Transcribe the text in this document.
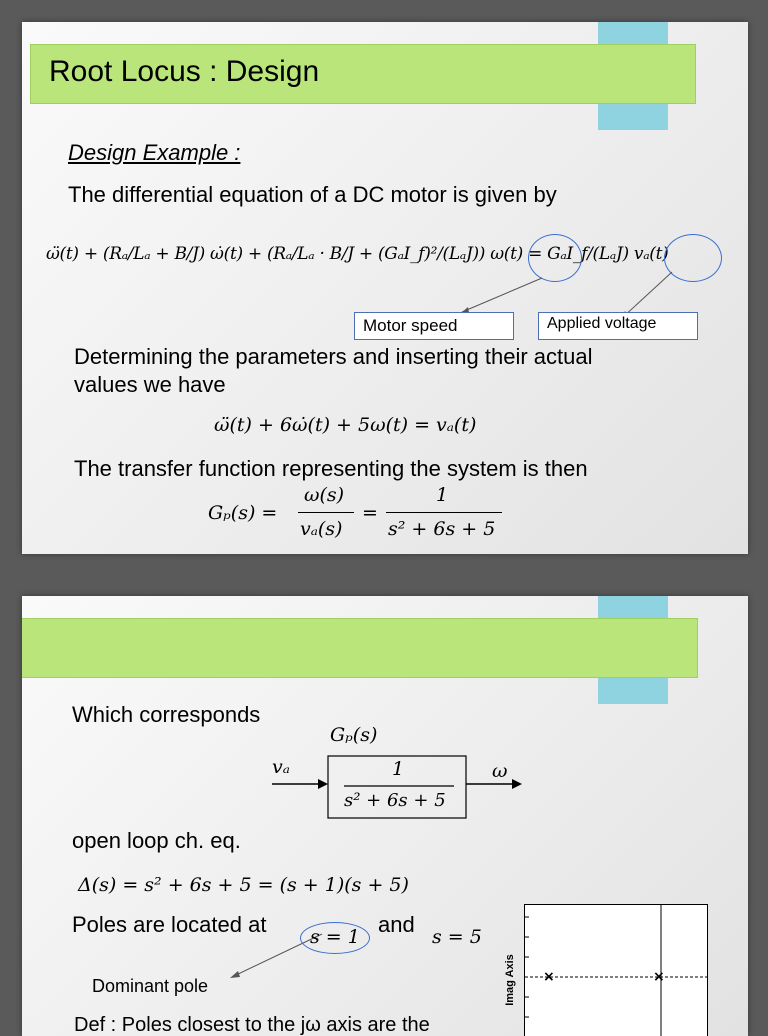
Root Locus : Design
Design Example :
The differential equation of a DC motor is given by
ω̈(t) + (Rₐ/Lₐ + B/J) ω̇(t) + (Rₐ/Lₐ · B/J + (GₐI_f)²/(LₐJ)) ω(t) = GₐI_f/(LₐJ) vₐ(t)
Motor speed	Applied voltage
Determining the parameters and inserting their actual
values we have
ω̈(t) + 6ω̇(t) + 5ω(t) = vₐ(t)
The transfer function representing the system is then
Gₚ(s) =
ω(s)
vₐ(s)
=
1
s² + 6s + 5
Which corresponds
Gₚ(s)
vₐ	ω
1
s² + 6s + 5
open loop ch. eq.
Δ(s) = s² + 6s + 5 = (s + 1)(s + 5)
Poles are located at s = 1 and s = 5
Dominant pole
Def : Poles closest to the jω axis are the
×	×
Imag Axis
